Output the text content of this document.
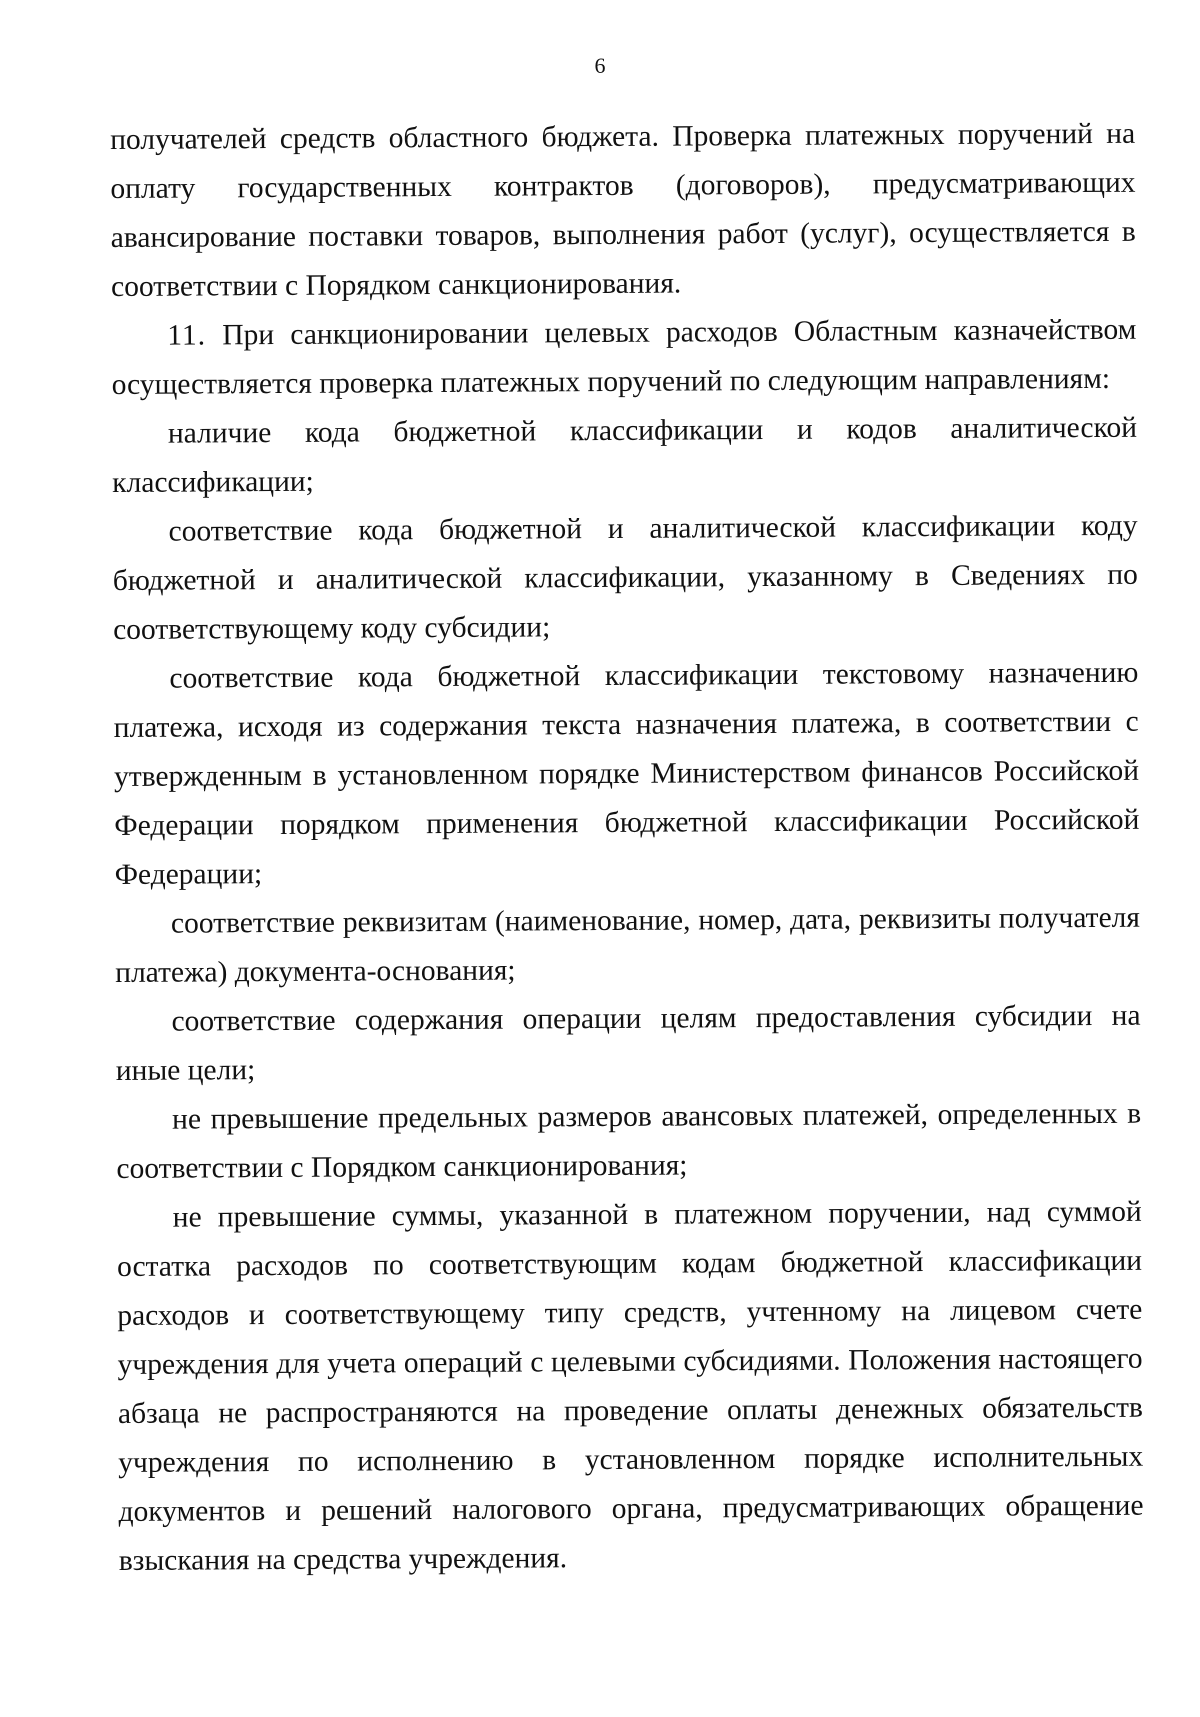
6

получателей средств областного бюджета. Проверка платежных поручений на оплату государственных контрактов (договоров), предусматривающих авансирование поставки товаров, выполнения работ (услуг), осуществляется в соответствии с Порядком санкционирования.

11. При санкционировании целевых расходов Областным казначейством осуществляется проверка платежных поручений по следующим направлениям:

наличие кода бюджетной классификации и кодов аналитической классификации;

соответствие кода бюджетной и аналитической классификации коду бюджетной и аналитической классификации, указанному в Сведениях по соответствующему коду субсидии;

соответствие кода бюджетной классификации текстовому назначению платежа, исходя из содержания текста назначения платежа, в соответствии с утвержденным в установленном порядке Министерством финансов Российской Федерации порядком применения бюджетной классификации Российской Федерации;

соответствие реквизитам (наименование, номер, дата, реквизиты получателя платежа) документа-основания;

соответствие содержания операции целям предоставления субсидии на иные цели;

не превышение предельных размеров авансовых платежей, определенных в соответствии с Порядком санкционирования;

не превышение суммы, указанной в платежном поручении, над суммой остатка расходов по соответствующим кодам бюджетной классификации расходов и соответствующему типу средств, учтенному на лицевом счете учреждения для учета операций с целевыми субсидиями. Положения настоящего абзаца не распространяются на проведение оплаты денежных обязательств учреждения по исполнению в установленном порядке исполнительных документов и решений налогового органа, предусматривающих обращение взыскания на средства учреждения.
